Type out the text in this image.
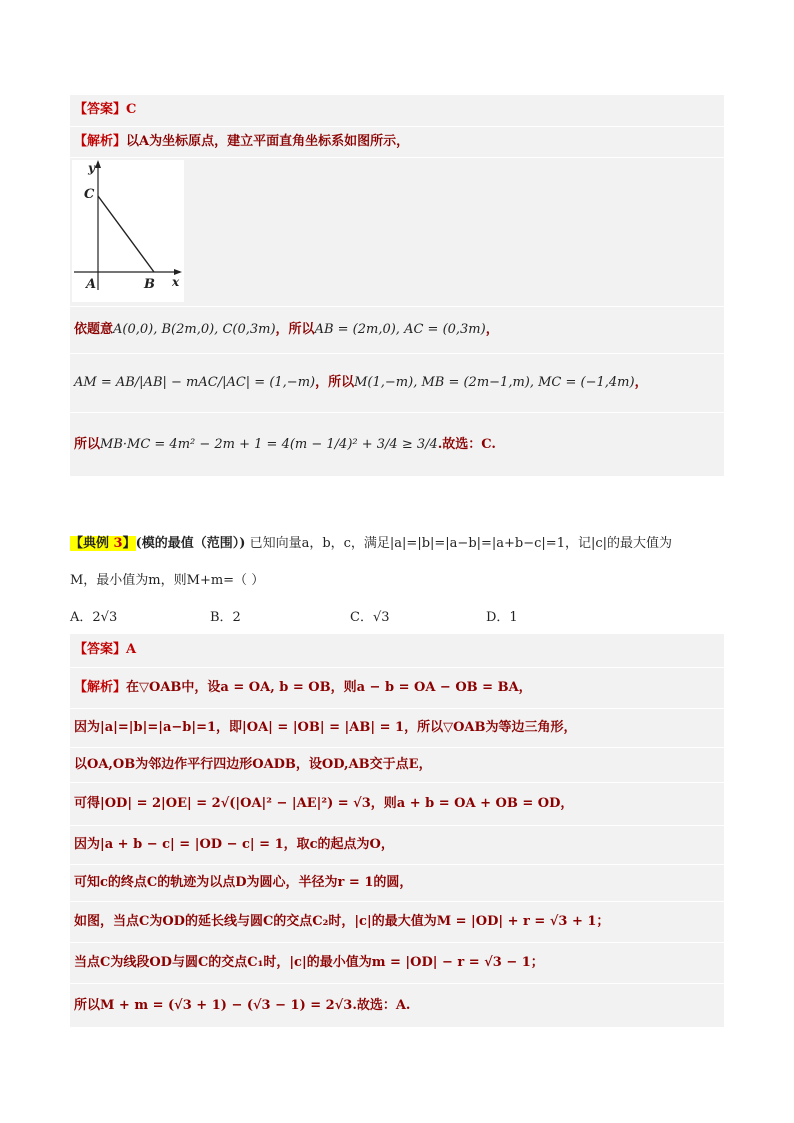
【答案】 C
【解析】 以A为坐标原点，建立平面直角坐标系如图所示，
y
x
C
A	B
依题意 A(0,0), B(2m,0), C(0,3m) ，所以 AB = (2m,0), AC = (0,3m) ，
AM = AB/|AB| − mAC/|AC| = (1,−m) ，所以 M(1,−m), MB = (2m−1,m), MC = (−1,4m) ，
所以 MB·MC = 4m² − 2m + 1 = 4(m − 1/4)² + 3/4 ≥ 3/4 .故选：C.
【典例 3】(模的最值（范围）) 已知向量a，b，c，满足|a|=|b|=|a−b|=|a+b−c|=1，记|c|的最大值为
M，最小值为m，则M+m=（ ）
A．2√3	B．2	C．√3	D．1
【答案】 A
【解析】 在▽OAB中，设a = OA, b = OB，则a − b = OA − OB = BA，
因为|a|=|b|=|a−b|=1，即|OA| = |OB| = |AB| = 1，所以▽OAB为等边三角形，
以OA,OB为邻边作平行四边形OADB，设OD,AB交于点E，
可得|OD| = 2|OE| = 2√(|OA|² − |AE|²) = √3，则a + b = OA + OB = OD，
因为|a + b − c| = |OD − c| = 1，取c的起点为O，
可知c的终点C的轨迹为以点D为圆心，半径为r = 1的圆，
如图，当点C为OD的延长线与圆C的交点C₂时，|c|的最大值为M = |OD| + r = √3 + 1；
当点C为线段OD与圆C的交点C₁时，|c|的最小值为m = |OD| − r = √3 − 1；
所以M + m = (√3 + 1) − (√3 − 1) = 2√3.故选：A.
